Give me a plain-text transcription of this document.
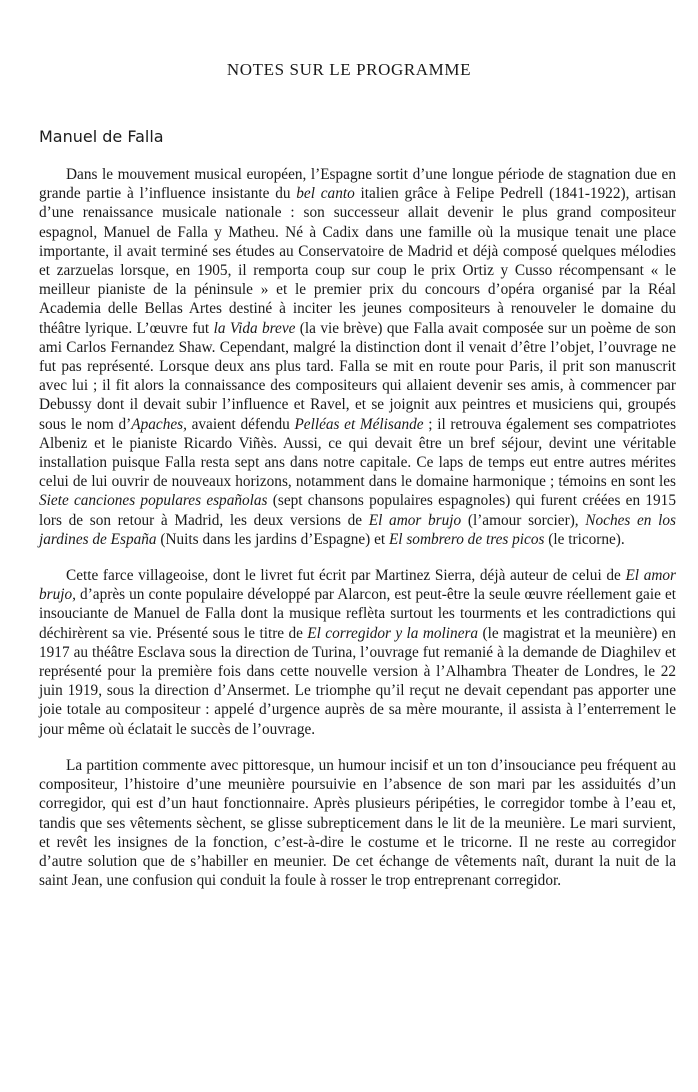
NOTES SUR LE PROGRAMME
Manuel de Falla

Dans le mouvement musical européen, l’Espagne sortit d’une longue période de stagnation due en grande partie à l’influence insistante du bel canto italien grâce à Felipe Pedrell (1841-1922), artisan d’une renaissance musicale nationale : son successeur allait devenir le plus grand compositeur espagnol, Manuel de Falla y Matheu. Né à Cadix dans une famille où la musique tenait une place importante, il avait terminé ses études au Conservatoire de Madrid et déjà composé quelques mélodies et zarzuelas lorsque, en 1905, il remporta coup sur coup le prix Ortiz y Cusso récompensant « le meilleur pianiste de la péninsule » et le premier prix du concours d’opéra organisé par la Réal Academia delle Bellas Artes destiné à inciter les jeunes compositeurs à renouveler le domaine du théâtre lyrique. L’œuvre fut la Vida breve (la vie brève) que Falla avait composée sur un poème de son ami Carlos Fernandez Shaw. Cependant, malgré la distinction dont il venait d’être l’objet, l’ouvrage ne fut pas représenté. Lorsque deux ans plus tard. Falla se mit en route pour Paris, il prit son manuscrit avec lui ; il fit alors la connaissance des compositeurs qui allaient devenir ses amis, à commencer par Debussy dont il devait subir l’influence et Ravel, et se joignit aux peintres et musiciens qui, groupés sous le nom d’Apaches, avaient défendu Pelléas et Mélisande ; il retrouva également ses compatriotes Albeniz et le pianiste Ricardo Viñès. Aussi, ce qui devait être un bref séjour, devint une véritable installation puisque Falla resta sept ans dans notre capitale. Ce laps de temps eut entre autres mérites celui de lui ouvrir de nouveaux horizons, notamment dans le domaine harmonique ; témoins en sont les Siete canciones populares españolas (sept chansons populaires espagnoles) qui furent créées en 1915 lors de son retour à Madrid, les deux versions de El amor brujo (l’amour sorcier), Noches en los jardines de España (Nuits dans les jardins d’Espagne) et El sombrero de tres picos (le tricorne).

Cette farce villageoise, dont le livret fut écrit par Martinez Sierra, déjà auteur de celui de El amor brujo, d’après un conte populaire développé par Alarcon, est peut-être la seule œuvre réellement gaie et insouciante de Manuel de Falla dont la musique reflèta surtout les tourments et les contradictions qui déchirèrent sa vie. Présenté sous le titre de El corregidor y la molinera (le magistrat et la meunière) en 1917 au théâtre Esclava sous la direction de Turina, l’ouvrage fut remanié à la demande de Diaghilev et représenté pour la première fois dans cette nouvelle version à l’Alhambra Theater de Londres, le 22 juin 1919, sous la direction d’Ansermet. Le triomphe qu’il reçut ne devait cependant pas apporter une joie totale au compositeur : appelé d’urgence auprès de sa mère mourante, il assista à l’enterrement le jour même où éclatait le succès de l’ouvrage.

La partition commente avec pittoresque, un humour incisif et un ton d’insouciance peu fréquent au compositeur, l’histoire d’une meunière poursuivie en l’absence de son mari par les assiduités d’un corregidor, qui est d’un haut fonctionnaire. Après plusieurs péripéties, le corregidor tombe à l’eau et, tandis que ses vêtements sèchent, se glisse subrepticement dans le lit de la meunière. Le mari survient, et revêt les insignes de la fonction, c’est-à-dire le costume et le tricorne. Il ne reste au corregidor d’autre solution que de s’habiller en meunier. De cet échange de vêtements naît, durant la nuit de la saint Jean, une confusion qui conduit la foule à rosser le trop entreprenant corregidor.
